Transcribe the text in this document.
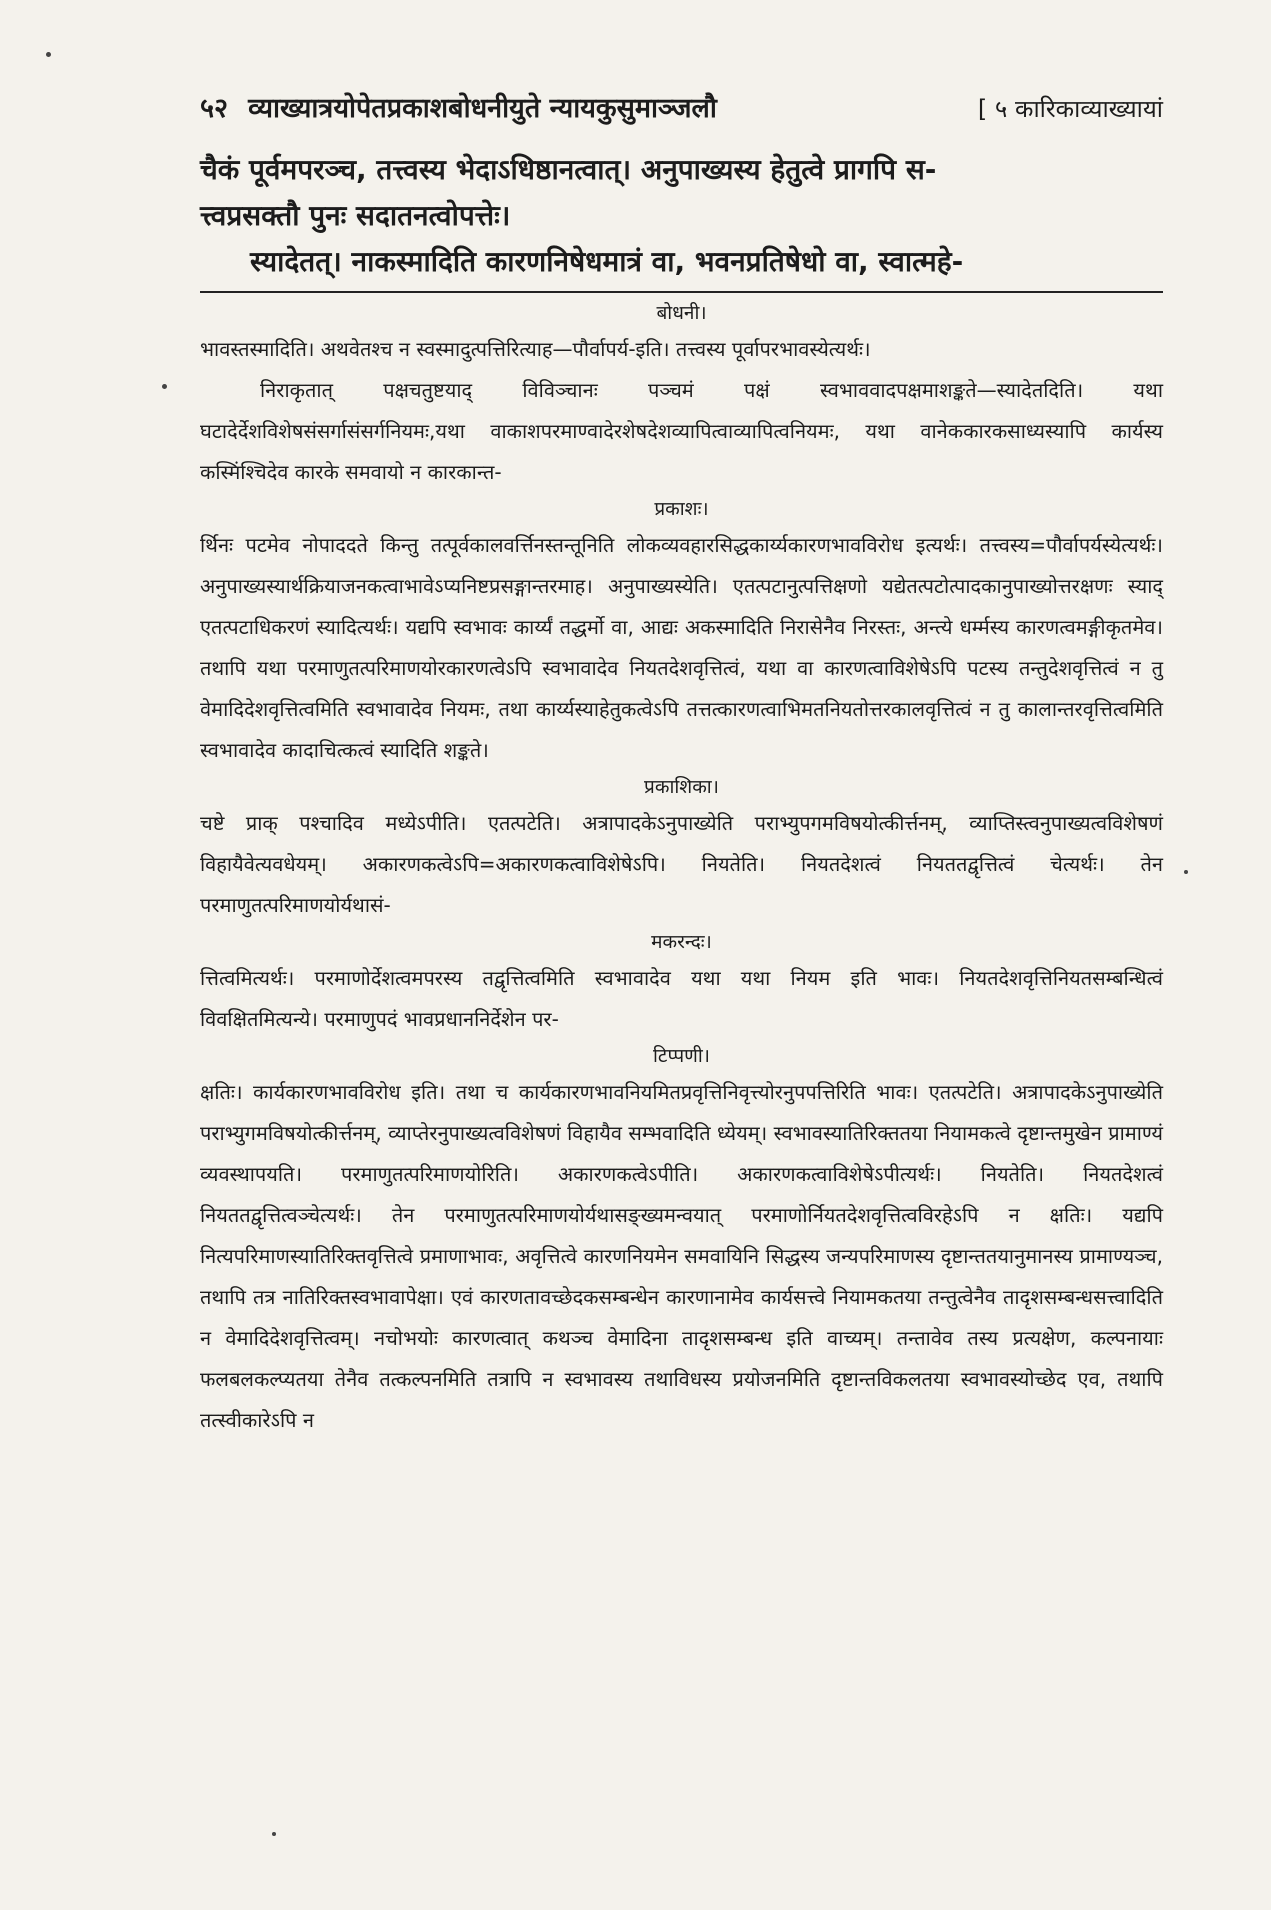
५२ व्याख्यात्रयोपेतप्रकाशबोधनीयुते न्यायकुसुमाञ्जलौ	[ ५ कारिकाव्याख्यायां

चैकं पूर्वमपरञ्च, तत्त्वस्य भेदाऽधिष्ठानत्वात्। अनुपाख्यस्य हेतुत्वे प्रागपि स-

त्त्वप्रसक्तौ पुनः सदातनत्वोपत्तेः।

स्यादेतत्। नाकस्मादिति कारणनिषेधमात्रं वा, भवनप्रतिषेधो वा, स्वात्महे-

बोधनी।

भावस्तस्मादिति। अथवेतश्च न स्वस्मादुत्पत्तिरित्याह—पौर्वापर्य-इति। तत्त्वस्य पूर्वापरभावस्येत्यर्थः।

निराकृतात् पक्षचतुष्टयाद् विविञ्चानः पञ्चमं पक्षं स्वभाववादपक्षमाशङ्कते—स्यादेतदिति। यथा घटादेर्देशविशेषसंसर्गासंसर्गनियमः,यथा वाकाशपरमाण्वादेरशेषदेशव्यापित्वाव्यापित्वनियमः, यथा वानेककारकसाध्यस्यापि कार्यस्य कस्मिंश्चिदेव कारके समवायो न कारकान्त-

प्रकाशः।

र्थिनः पटमेव नोपाददते किन्तु तत्पूर्वकालवर्त्तिनस्तन्तूनिति लोकव्यवहारसिद्धकार्य्यकारणभावविरोध इत्यर्थः। तत्त्वस्य=पौर्वापर्यस्येत्यर्थः। अनुपाख्यस्यार्थक्रियाजनकत्वाभावेऽप्यनिष्टप्रसङ्गान्तरमाह। अनुपाख्यस्येति। एतत्पटानुत्पत्तिक्षणो यद्येतत्पटोत्पादकानुपाख्योत्तरक्षणः स्याद् एतत्पटाधिकरणं स्यादित्यर्थः। यद्यपि स्वभावः कार्य्यं तद्धर्मो वा, आद्यः अकस्मादिति निरासेनैव निरस्तः, अन्त्ये धर्म्मस्य कारणत्वमङ्गीकृतमेव। तथापि यथा परमाणुतत्परिमाणयोरकारणत्वेऽपि स्वभावादेव नियतदेशवृत्तित्वं, यथा वा कारणत्वाविशेषेऽपि पटस्य तन्तुदेशवृत्तित्वं न तु वेमादिदेशवृत्तित्वमिति स्वभावादेव नियमः, तथा कार्य्यस्याहेतुकत्वेऽपि तत्तत्कारणत्वाभिमतनियतोत्तरकालवृत्तित्वं न तु कालान्तरवृत्तित्वमिति स्वभावादेव कादाचित्कत्वं स्यादिति शङ्कते।

प्रकाशिका।

चष्टे प्राक् पश्चादिव मध्येऽपीति। एतत्पटेति। अत्रापादकेऽनुपाख्येति पराभ्युपगमविषयोत्कीर्त्तनम्, व्याप्तिस्त्वनुपाख्यत्वविशेषणं विहायैवेत्यवधेयम्। अकारणकत्वेऽपि=अकारणकत्वाविशेषेऽपि। नियतेति। नियतदेशत्वं नियततद्वृत्तित्वं चेत्यर्थः। तेन परमाणुतत्परिमाणयोर्यथासं-

मकरन्दः।

त्तित्वमित्यर्थः। परमाणोर्देशत्वमपरस्य तद्वृत्तित्वमिति स्वभावादेव यथा यथा नियम इति भावः। नियतदेशवृत्तिनियतसम्बन्धित्वं विवक्षितमित्यन्ये। परमाणुपदं भावप्रधाननिर्देशेन पर-

टिप्पणी।

क्षतिः। कार्यकारणभावविरोध इति। तथा च कार्यकारणभावनियमितप्रवृत्तिनिवृत्त्योरनुपपत्तिरिति भावः। एतत्पटेति। अत्रापादकेऽनुपाख्येति पराभ्युगमविषयोत्कीर्त्तनम्, व्याप्तेरनुपाख्यत्वविशेषणं विहायैव सम्भवादिति ध्येयम्। स्वभावस्यातिरिक्ततया नियामकत्वे दृष्टान्तमुखेन प्रामाण्यं व्यवस्थापयति। परमाणुतत्परिमाणयोरिति। अकारणकत्वेऽपीति। अकारणकत्वाविशेषेऽपीत्यर्थः। नियतेति। नियतदेशत्वं नियततद्वृत्तित्वञ्चेत्यर्थः। तेन परमाणुतत्परिमाणयोर्यथासङ्ख्यमन्वयात् परमाणोर्नियतदेशवृत्तित्वविरहेऽपि न क्षतिः। यद्यपि नित्यपरिमाणस्यातिरिक्तवृत्तित्वे प्रमाणाभावः, अवृत्तित्वे कारणनियमेन समवायिनि सिद्धस्य जन्यपरिमाणस्य दृष्टान्ततयानुमानस्य प्रामाण्यञ्च, तथापि तत्र नातिरिक्तस्वभावापेक्षा। एवं कारणतावच्छेदकसम्बन्धेन कारणानामेव कार्यसत्त्वे नियामकतया तन्तुत्वेनैव तादृशसम्बन्धसत्त्वादिति न वेमादिदेशवृत्तित्वम्। नचोभयोः कारणत्वात् कथञ्च वेमादिना तादृशसम्बन्ध इति वाच्यम्। तन्तावेव तस्य प्रत्यक्षेण, कल्पनायाः फलबलकल्प्यतया तेनैव तत्कल्पनमिति तत्रापि न स्वभावस्य तथाविधस्य प्रयोजनमिति दृष्टान्तविकलतया स्वभावस्योच्छेद एव, तथापि तत्स्वीकारेऽपि न
